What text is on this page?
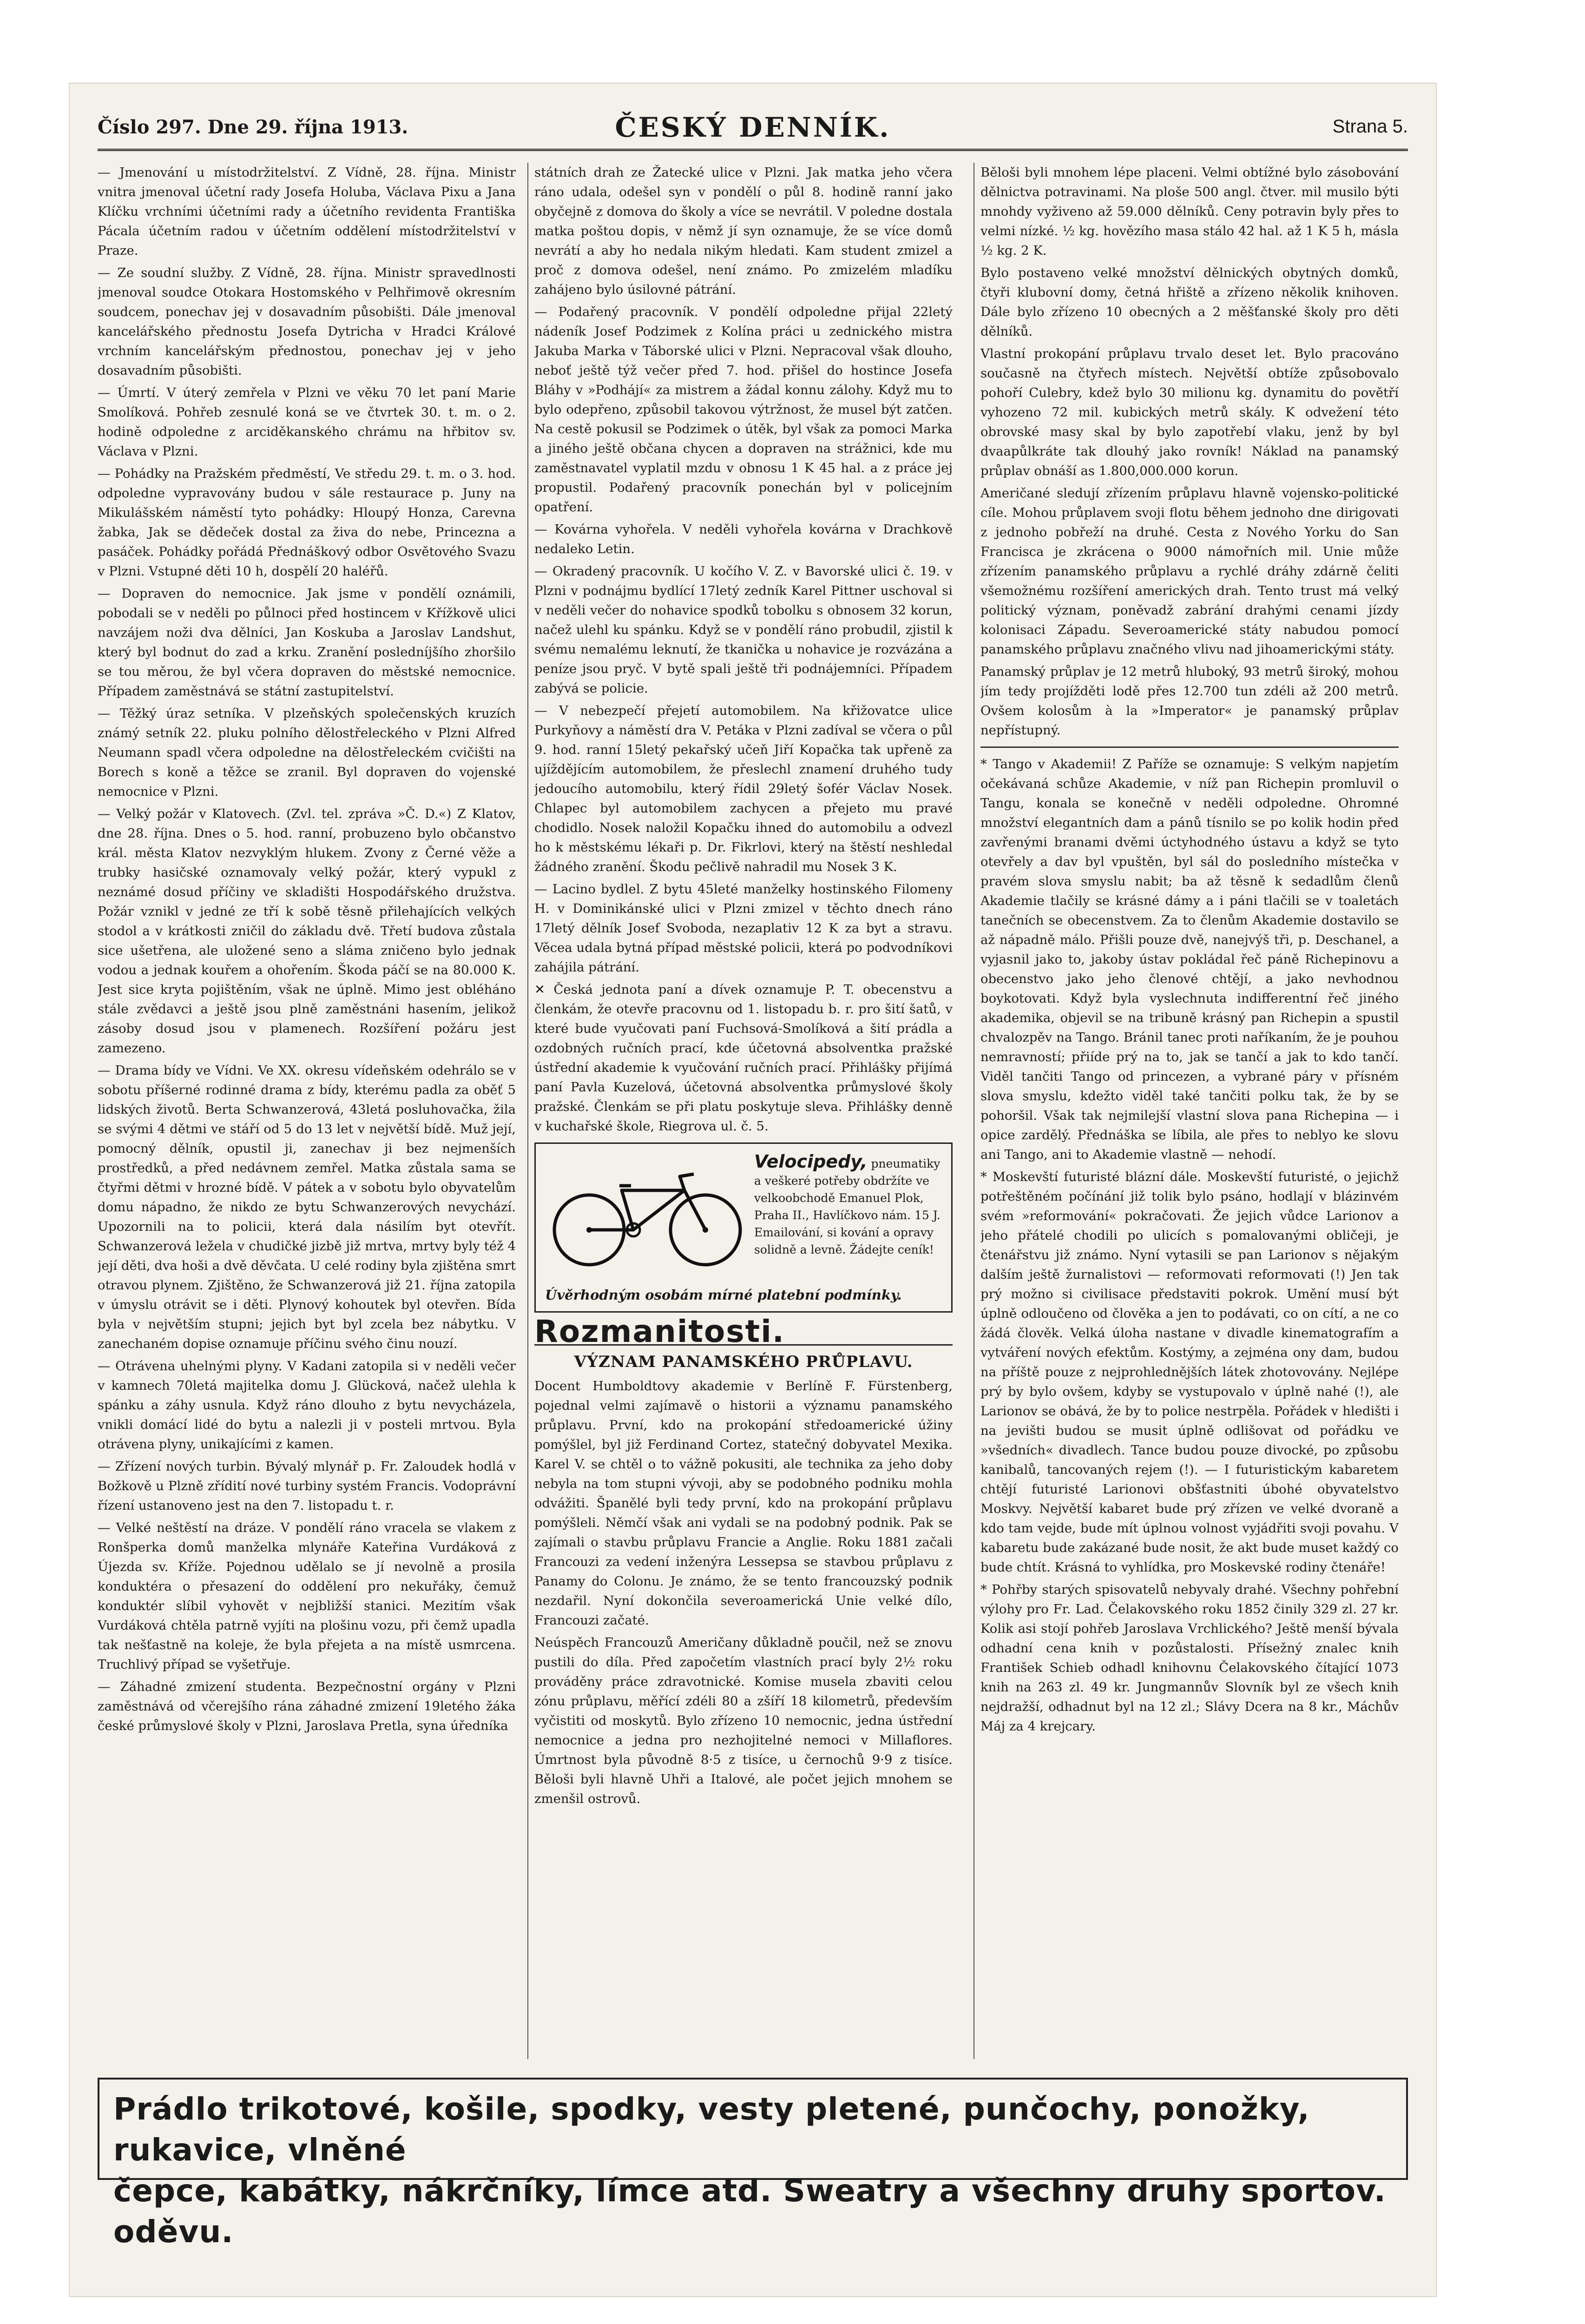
Číslo 297. Dne 29. října 1913.	ČESKÝ DENNÍK.	Strana 5.

— Jmenování u místodržitelství. Z Vídně, 28. října. Ministr vnitra jmenoval účetní rady Josefa Holuba, Václava Pixu a Jana Klíčku vrchními účetními rady a účetního revidenta Františka Pácala účetním radou v účetním oddělení místodržitelství v Praze.

— Ze soudní služby. Z Vídně, 28. října. Ministr spravedlnosti jmenoval soudce Otokara Hostomského v Pelhřimově okresním soudcem, ponechav jej v dosavadním působišti. Dále jmenoval kancelářského přednostu Josefa Dytricha v Hradci Králové vrchním kancelářským přednostou, ponechav jej v jeho dosavadním působišti.

— Úmrtí. V úterý zemřela v Plzni ve věku 70 let paní Marie Smolíková. Pohřeb zesnulé koná se ve čtvrtek 30. t. m. o 2. hodině odpoledne z arciděkanského chrámu na hřbitov sv. Václava v Plzni.

— Pohádky na Pražském předměstí, Ve středu 29. t. m. o 3. hod. odpoledne vypravovány budou v sále restaurace p. Juny na Mikulášském náměstí tyto pohádky: Hloupý Honza, Carevna žabka, Jak se dědeček dostal za živa do nebe, Princezna a pasáček. Pohádky pořádá Přednáškový odbor Osvětového Svazu v Plzni. Vstupné děti 10 h, dospělí 20 haléřů.

— Dopraven do nemocnice. Jak jsme v pondělí oznámili, pobodali se v neděli po půlnoci před hostincem v Křížkově ulici navzájem noži dva dělníci, Jan Koskuba a Jaroslav Landshut, který byl bodnut do zad a krku. Zranění posledníjšího zhoršilo se tou měrou, že byl včera dopraven do městské nemocnice. Případem zaměstnává se státní zastupitelství.

— Těžký úraz setníka. V plzeňských společenských kruzích známý setník 22. pluku polního dělostřeleckého v Plzni Alfred Neumann spadl včera odpoledne na dělostřeleckém cvičišti na Borech s koně a těžce se zranil. Byl dopraven do vojenské nemocnice v Plzni.

— Velký požár v Klatovech. (Zvl. tel. zpráva »Č. D.«) Z Klatov, dne 28. října. Dnes o 5. hod. ranní, probuzeno bylo občanstvo král. města Klatov nezvyklým hlukem. Zvony z Černé věže a trubky hasičské oznamovaly velký požár, který vypukl z neznámé dosud příčiny ve skladišti Hospodářského družstva. Požár vznikl v jedné ze tří k sobě těsně přilehajících velkých stodol a v krátkosti zničil do základu dvě. Třetí budova zůstala sice ušetřena, ale uložené seno a slámа zničeno bylo jednak vodou a jednak kouřem a ohořením. Škoda páčí se na 80.000 K. Jest sice kryta pojištěním, však ne úplně. Mimo jest obléháno stále zvědavci a ještě jsou plně zaměstnáni hasením, jelikož zásoby dosud jsou v plamenech. Rozšíření požáru jest zamezeno.

— Drama bídy ve Vídni. Ve XX. okresu vídeňském odehrálo se v sobotu příšerné rodinné drama z bídy, kterému padla za oběť 5 lidských životů. Berta Schwanzerová, 43letá posluhovačka, žila se svými 4 dětmi ve stáří od 5 do 13 let v největší bídě. Muž její, pomocný dělník, opustil ji, zanechav ji bez nejmenších prostředků, a před nedávnem zemřel. Matka zůstala sama se čtyřmi dětmi v hrozné bídě. V pátek a v sobotu bylo obyvatelům domu nápadno, že nikdo ze bytu Schwanzerových nevychází. Upozornili na to policii, která dala násilím byt otevřít. Schwanzerová ležela v chudičké jizbě již mrtva, mrtvy byly též 4 její děti, dva hoši a dvě děvčata. U celé rodiny byla zjištěna smrt otravou plynem. Zjištěno, že Schwanzerová již 21. října zatopila v úmyslu otrávit se i děti. Plynový kohoutek byl otevřen. Bída byla v největším stupni; jejich byt byl zcela bez nábytku. V zanechaném dopise oznamuje příčinu svého činu nouzí.

— Otrávena uhelnými plyny. V Kadani zatopila si v neděli večer v kamnech 70letá majitelka domu J. Glücková, načež ulehla k spánku a záhy usnula. Když ráno dlouho z bytu nevycházela, vnikli domácí lidé do bytu a nalezli ji v posteli mrtvou. Byla otrávena plyny, unikajícími z kamen.

— Zřízení nových turbin. Bývalý mlynář p. Fr. Zaloudek hodlá v Božkově u Plzně zřídití nové turbiny systém Francis. Vodoprávní řízení ustanoveno jest na den 7. listopadu t. r.

— Velké neštěstí na dráze. V pondělí ráno vracela se vlakem z Ronšperka domů manželka mlynáře Kateřina Vurdáková z Újezda sv. Kříže. Pojednou udělalo se jí nevolně a prosila konduktéra o přesazení do oddělení pro nekuřáky, čemuž konduktér slíbil vyhovět v nejbližší stanici. Mezitím však Vurdáková chtěla patrně vyjíti na plošinu vozu, při čemž upadla tak nešťastně na koleje, že byla přejeta a na místě usmrcena. Truchlivý případ se vyšetřuje.

— Záhadné zmizení studenta. Bezpečnostní orgány v Plzni zaměstnává od včerejšího rána záhadné zmizení 19letého žáka české průmyslové školy v Plzni, Jaroslava Pretla, syna úředníka

státních drah ze Žatecké ulice v Plzni. Jak matka jeho včera ráno udala, odešel syn v pondělí o půl 8. hodině ranní jako obyčejně z domova do školy a více se nevrátil. V poledne dostala matka poštou dopis, v němž jí syn oznamuje, že se více domů nevrátí a aby ho nedala nikým hledati. Kam student zmizel a proč z domova odešel, není známo. Po zmizelém mladíku zahájeno bylo úsilovné pátrání.

— Podařený pracovník. V pondělí odpoledne přijal 22letý nádeník Josef Podzimek z Kolína práci u zednického mistra Jakuba Marka v Táborské ulici v Plzni. Nepracoval však dlouho, neboť ještě týž večer před 7. hod. přišel do hostince Josefa Bláhy v »Podhájí« za mistrem a žádal konnu zálohy. Když mu to bylo odepřeno, způsobil takovou výtržnost, že musel být zatčen. Na cestě pokusil se Podzimek o útěk, byl však za pomoci Marka a jiného ještě občana chycen a dopraven na strážnici, kde mu zaměstnavatel vyplatil mzdu v obnosu 1 K 45 hal. a z práce jej propustil. Podařený pracovník ponechán byl v policejním opatření.

— Kovárna vyhořela. V neděli vyhořela kovárna v Drachkově nedaleko Letin.

— Okradený pracovník. U kočího V. Z. v Bavorské ulici č. 19. v Plzni v podnájmu bydlící 17letý zedník Karel Pittner uschoval si v neděli večer do nohavice spodků tobolku s obnosem 32 korun, načež ulehl ku spánku. Když se v pondělí ráno probudil, zjistil k svému nemalému leknutí, že tkanička u nohavice je rozvázána a peníze jsou pryč. V bytě spali ještě tři podnájemníci. Případem zabývá se policie.

— V nebezpečí přejetí automobilem. Na křižovatce ulice Purkyňovy a náměstí dra V. Petáka v Plzni zadíval se včera o půl 9. hod. ranní 15letý pekařský učeň Jiří Kopačka tak upřeně za ujíždějícím automobilem, že přeslechl znamení druhého tudy jedoucího automobilu, který řídil 29letý šofér Václav Nosek. Chlapec byl automobilem zachycen a přejeto mu pravé chodidlo. Nosek naložil Kopačku ihned do automobilu a odvezl ho k městskému lékaři p. Dr. Fikrlovi, který na štěstí neshledal žádného zranění. Škodu pečlivě nahradil mu Nosek 3 K.

— Lacino bydlel. Z bytu 45leté manželky hostinského Filomeny H. v Dominikánské ulici v Plzni zmizel v těchto dnech ráno 17letý dělník Josef Svoboda, nezaplativ 12 K za byt a stravu. Věcea udala bytná případ městské policii, která po podvodníkovi zahájila pátrání.

✕ Česká jednota paní a dívek oznamuje P. T. obecenstvu a členkám, že otevře pracovnu od 1. listopadu b. r. pro šití šatů, v které bude vyučovati paní Fuchsová-Smolíková a šití prádla a ozdobných ručních prací, kde účetovná absolventka pražské ústřední akademie k vyučování ručních prací. Přihlášky přijímá paní Pavla Kuzelová, účetovná absolventka průmyslové školy pražské. Členkám se při platu poskytuje sleva. Přihlášky denně v kuchařské škole, Riegrova ul. č. 5.

Velocipedy, pneumatiky a veškeré potřeby obdržíte ve velkoobchodě Emanuel Plok, Praha II., Havlíčkovo nám. 15 J. Emailování, si kování a opravy solidně a levně. Žádejte ceník!
Úvěrhodným osobám mírné platební podmínky.
Rozmanitosti.
VÝZNAM PANAMSKÉHO PRŮPLAVU.

Docent Humboldtovy akademie v Berlíně F. Fürstenberg, pojednal velmi zajímavě o historii a významu panamského průplavu. První, kdo na prokopání středoamerické úžiny pomýšlel, byl již Ferdinand Cortez, statečný dobyvatel Mexika. Karel V. se chtěl o to vážně pokusiti, ale technika za jeho doby nebyla na tom stupni vývoji, aby se podobného podniku mohla odvážiti. Španělé byli tedy první, kdo na prokopání průplavu pomýšleli. Němčí však ani vydali se na podobný podnik. Pak se zajímali o stavbu průplavu Francie a Anglie. Roku 1881 začali Francouzi za vedení inženýra Lessepsa se stavbou průplavu z Panamy do Colonu. Je známo, že se tento francouzský podnik nezdařil. Nyní dokončila severoamerická Unie velké dílo, Francouzi začaté.

Neúspěch Francouzů Američany důkladně poučil, než se znovu pustili do díla. Před započetím vlastních prací byly 2½ roku prováděny práce zdravotnické. Komise musela zbaviti celou zónu průplavu, měřící zdéli 80 a zšíří 18 kilometrů, především vyčistiti od moskytů. Bylo zřízeno 10 nemocnic, jedna ústřední nemocnice a jedna pro nezhojitelné nemoci v Millaflores. Úmrtnost byla původně 8·5 z tisíce, u černochů 9·9 z tisíce. Běloši byli hlavně Uhři a Italové, ale počet jejich mnohem se zmenšil ostrovů.

Běloši byli mnohem lépe placeni. Velmi obtížné bylo zásobování dělnictva potravinami. Na ploše 500 angl. čtver. mil musilo býti mnohdy vyživeno až 59.000 dělníků. Ceny potravin byly přes to velmi nízké. ½ kg. hovězího masa stálo 42 hal. až 1 K 5 h, másla ½ kg. 2 K.

Bylo postaveno velké množství dělnických obytných domků, čtyři klubovní domy, četná hřiště a zřízeno několik knihoven. Dále bylo zřízeno 10 obecných a 2 měšťanské školy pro děti dělníků.

Vlastní prokopání průplavu trvalo deset let. Bylo pracováno současně na čtyřech místech. Největší obtíže způsobovalo pohoří Culebry, kdež bylo 30 milionu kg. dynamitu do povětří vyhozeno 72 mil. kubických metrů skály. K odvežení této obrovské masy skal by bylo zapotřebí vlaku, jenž by byl dvaapůlkráte tak dlouhý jako rovník! Náklad na panamský průplav obnáší as 1.800,000.000 korun.

Američané sledují zřízením průplavu hlavně vojensko-politické cíle. Mohou průplavem svoji flotu během jednoho dne dirigovati z jednoho pobřeží na druhé. Cesta z Nového Yorku do San Francisca je zkrácena o 9000 námořních mil. Unie může zřízením panamského průplavu a rychlé dráhy zdárně čeliti všemožnému rozšíření amerických drah. Tento trust má velký politický význam, poněvadž zabrání drahými cenami jízdy kolonisaci Západu. Severoamerické státy nabudou pomocí panamského průplavu značného vlivu nad jihoamerickými státy.

Panamský průplav je 12 metrů hluboký, 93 metrů široký, mohou jím tedy projížděti lodě přes 12.700 tun zdéli až 200 metrů. Ovšem kolosům à la »Imperator« je panamský průplav nepřístupný.

* Tango v Akademii! Z Paříže se oznamuje: S velkým napjetím očekávaná schůze Akademie, v níž pan Richepin promluvil o Tangu, konala se konečně v neděli odpoledne. Ohromné množství elegantních dam a pánů tísnilo se po kolik hodin před zavřenými branami dvěmi úctyhodného ústavu a když se tyto otevřely a dav byl vpuštěn, byl sál do posledního místečka v pravém slova smyslu nabit; ba až těsně k sedadlům členů Akademie tlačily se krásné dámy a i páni tlačili se v toaletách tanečních se obecenstvem. Za to členům Akademie dostavilo se až nápadně málo. Přišli pouze dvě, nanejvýš tři, p. Deschanel, a vyjasnil jako to, jakoby ústav pokládal řeč páně Richepinovu a obecenstvo jako jeho členové chtějí, a jako nevhodnou boykotovati. Když byla vyslechnuta indifferentní řeč jiného akademika, objevil se na tribuně krásný pan Richepin a spustil chvalozpěv na Tango. Bránil tanec proti naříkaním, že je pouhou nemravností; přiíde prý na to, jak se tančí a jak to kdo tančí. Viděl tančiti Tango od princezen, a vybrané páry v přísném slova smyslu, kdežto viděl také tančiti polku tak, že by se pohoršil. Však tak nejmilejší vlastní slova pana Richepina — i opice zardělý. Přednáška se líbila, ale přes to neblyo ke slovu ani Tango, ani to Akademie vlastně — nehodí.

* Moskevští futuristé blázní dále. Moskevští futuristé, o jejichž potřeštěném počínání již tolik bylo psáno, hodlají v blázinvém svém »reformování« pokračovati. Že jejich vůdce Larionov a jeho přátelé chodili po ulicích s pomalovanými obličeji, je čtenářstvu již známo. Nyní vytasili se pan Larionov s nějakým dalším ještě žurnalistovi — reformovati reformovati (!) Jen tak prý možno si civilisace představiti pokrok. Umění musí být úplně odloučeno od člověka a jen to podávati, co on cítí, a ne co žádá člověk. Velká úloha nastane v divadle kinematografím a vytváření nových efektům. Kostýmy, a zejména ony dam, budou na příště pouze z nejprohlednějších látek zhotovovány. Nejlépe prý by bylo ovšem, kdyby se vystupovalo v úplně nahé (!), ale Larionov se obává, že by to police nestrpěla. Pořádek v hledišti i na jevišti budou se musit úplně odlišovat od pořádku ve »všedních« divadlech. Tance budou pouze divocké, po způsobu kanibalů, tancovaných rejem (!). — I futuristickým kabaretem chtějí futuristé Larionovi obšťastniti úbohé obyvatelstvo Moskvy. Největší kabaret bude prý zřízen ve velké dvoraně a kdo tam vejde, bude mít úplnou volnost vyjádřiti svoji povahu. V kabaretu bude zakázané bude nosit, že akt bude muset každý co bude chtít. Krásná to vyhlídka, pro Moskevské rodiny čtenáře!

* Pohřby starých spisovatelů nebyvaly drahé. Všechny pohřební výlohy pro Fr. Lad. Čelakovského roku 1852 činily 329 zl. 27 kr. Kolik asi stojí pohřeb Jaroslava Vrchlického? Ještě menší bývala odhadní cena knih v pozůstalosti. Přísežný znalec knih František Schieb odhadl knihovnu Čelakovského čítající 1073 knih na 263 zl. 49 kr. Jungmannův Slovník byl ze všech knih nejdražší, odhadnut byl na 12 zl.; Slávy Dcera na 8 kr., Máchův Máj za 4 krejcary.

Prádlo trikotové, košile, spodky, vesty pletené, punčochy, ponožky, rukavice, vlněné
čepce, kabátky, nákrčníky, límce atd. Sweatry a všechny druhy sportov. oděvu.
